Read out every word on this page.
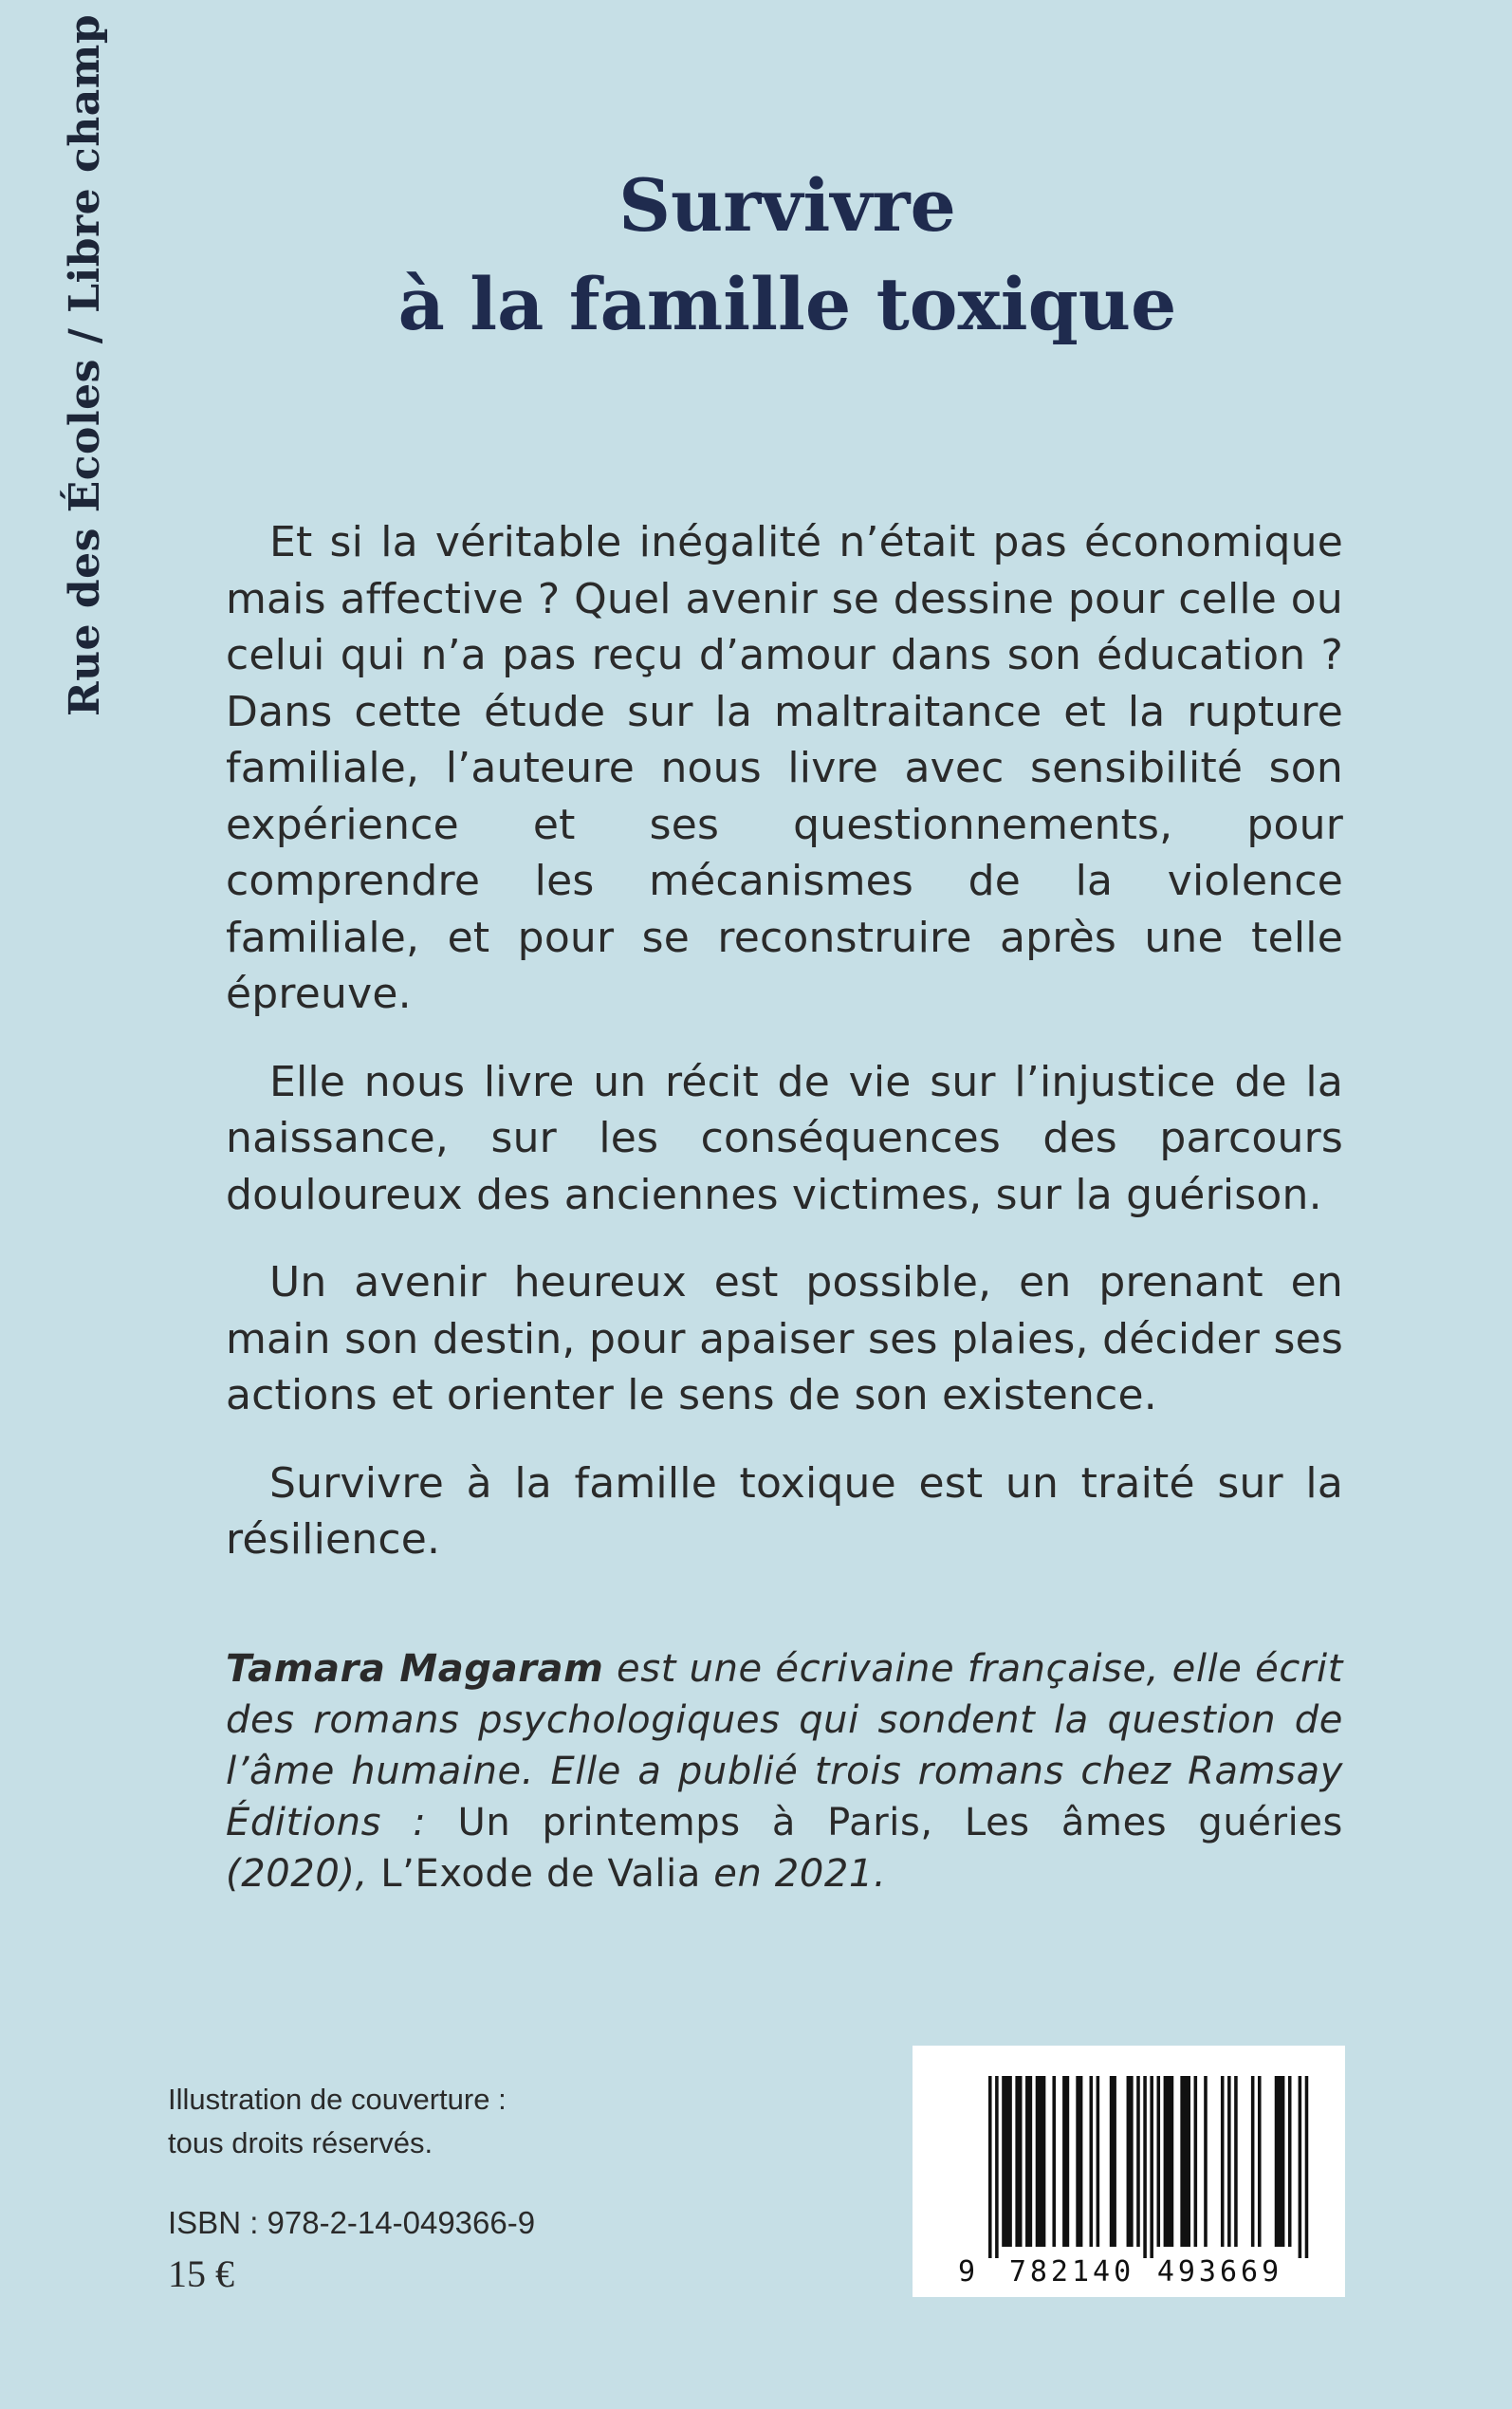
Rue des Écoles / Libre champ	Survivre
à la famille toxique

Et si la véritable inégalité n’était pas économique mais affective ? Quel avenir se dessine pour celle ou celui qui n’a pas reçu d’amour dans son éducation ? Dans cette étude sur la maltraitance et la rupture familiale, l’auteure nous livre avec sensibilité son expérience et ses questionnements, pour comprendre les mécanismes de la violence familiale, et pour se reconstruire après une telle épreuve.

Elle nous livre un récit de vie sur l’injustice de la naissance, sur les conséquences des parcours douloureux des anciennes victimes, sur la guérison.

Un avenir heureux est possible, en prenant en main son destin, pour apaiser ses plaies, décider ses actions et orienter le sens de son existence.

Survivre à la famille toxique est un traité sur la résilience.

Tamara Magaram est une écrivaine française, elle écrit des romans psychologiques qui sondent la question de l’âme humaine. Elle a publié trois romans chez Ramsay Éditions : Un printemps à Paris, Les âmes guéries (2020), L’Exode de Valia en 2021.
Illustration de couverture :
tous droits réservés.
ISBN : 978-2-14-049366-9
15 €	9 782140 493669
